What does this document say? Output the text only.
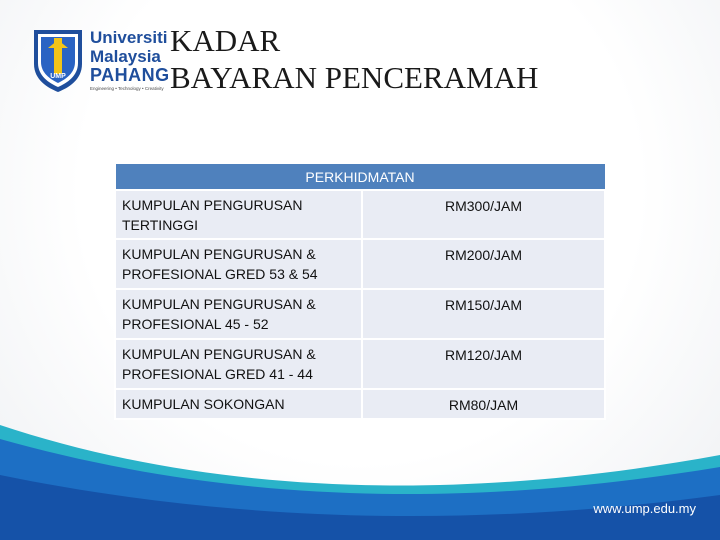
UMP
Universiti
Malaysia
PAHANG
Engineering • Technology • Creativity
KADAR
BAYARAN PENCERAMAH
PERKHIDMATAN	
KUMPULAN PENGURUSAN TERTINGGI	RM300/JAM
KUMPULAN PENGURUSAN & PROFESIONAL GRED 53 & 54	RM200/JAM
KUMPULAN PENGURUSAN & PROFESIONAL 45 - 52	RM150/JAM
KUMPULAN PENGURUSAN & PROFESIONAL GRED 41 - 44	RM120/JAM
KUMPULAN SOKONGAN	RM80/JAM
www.ump.edu.my
